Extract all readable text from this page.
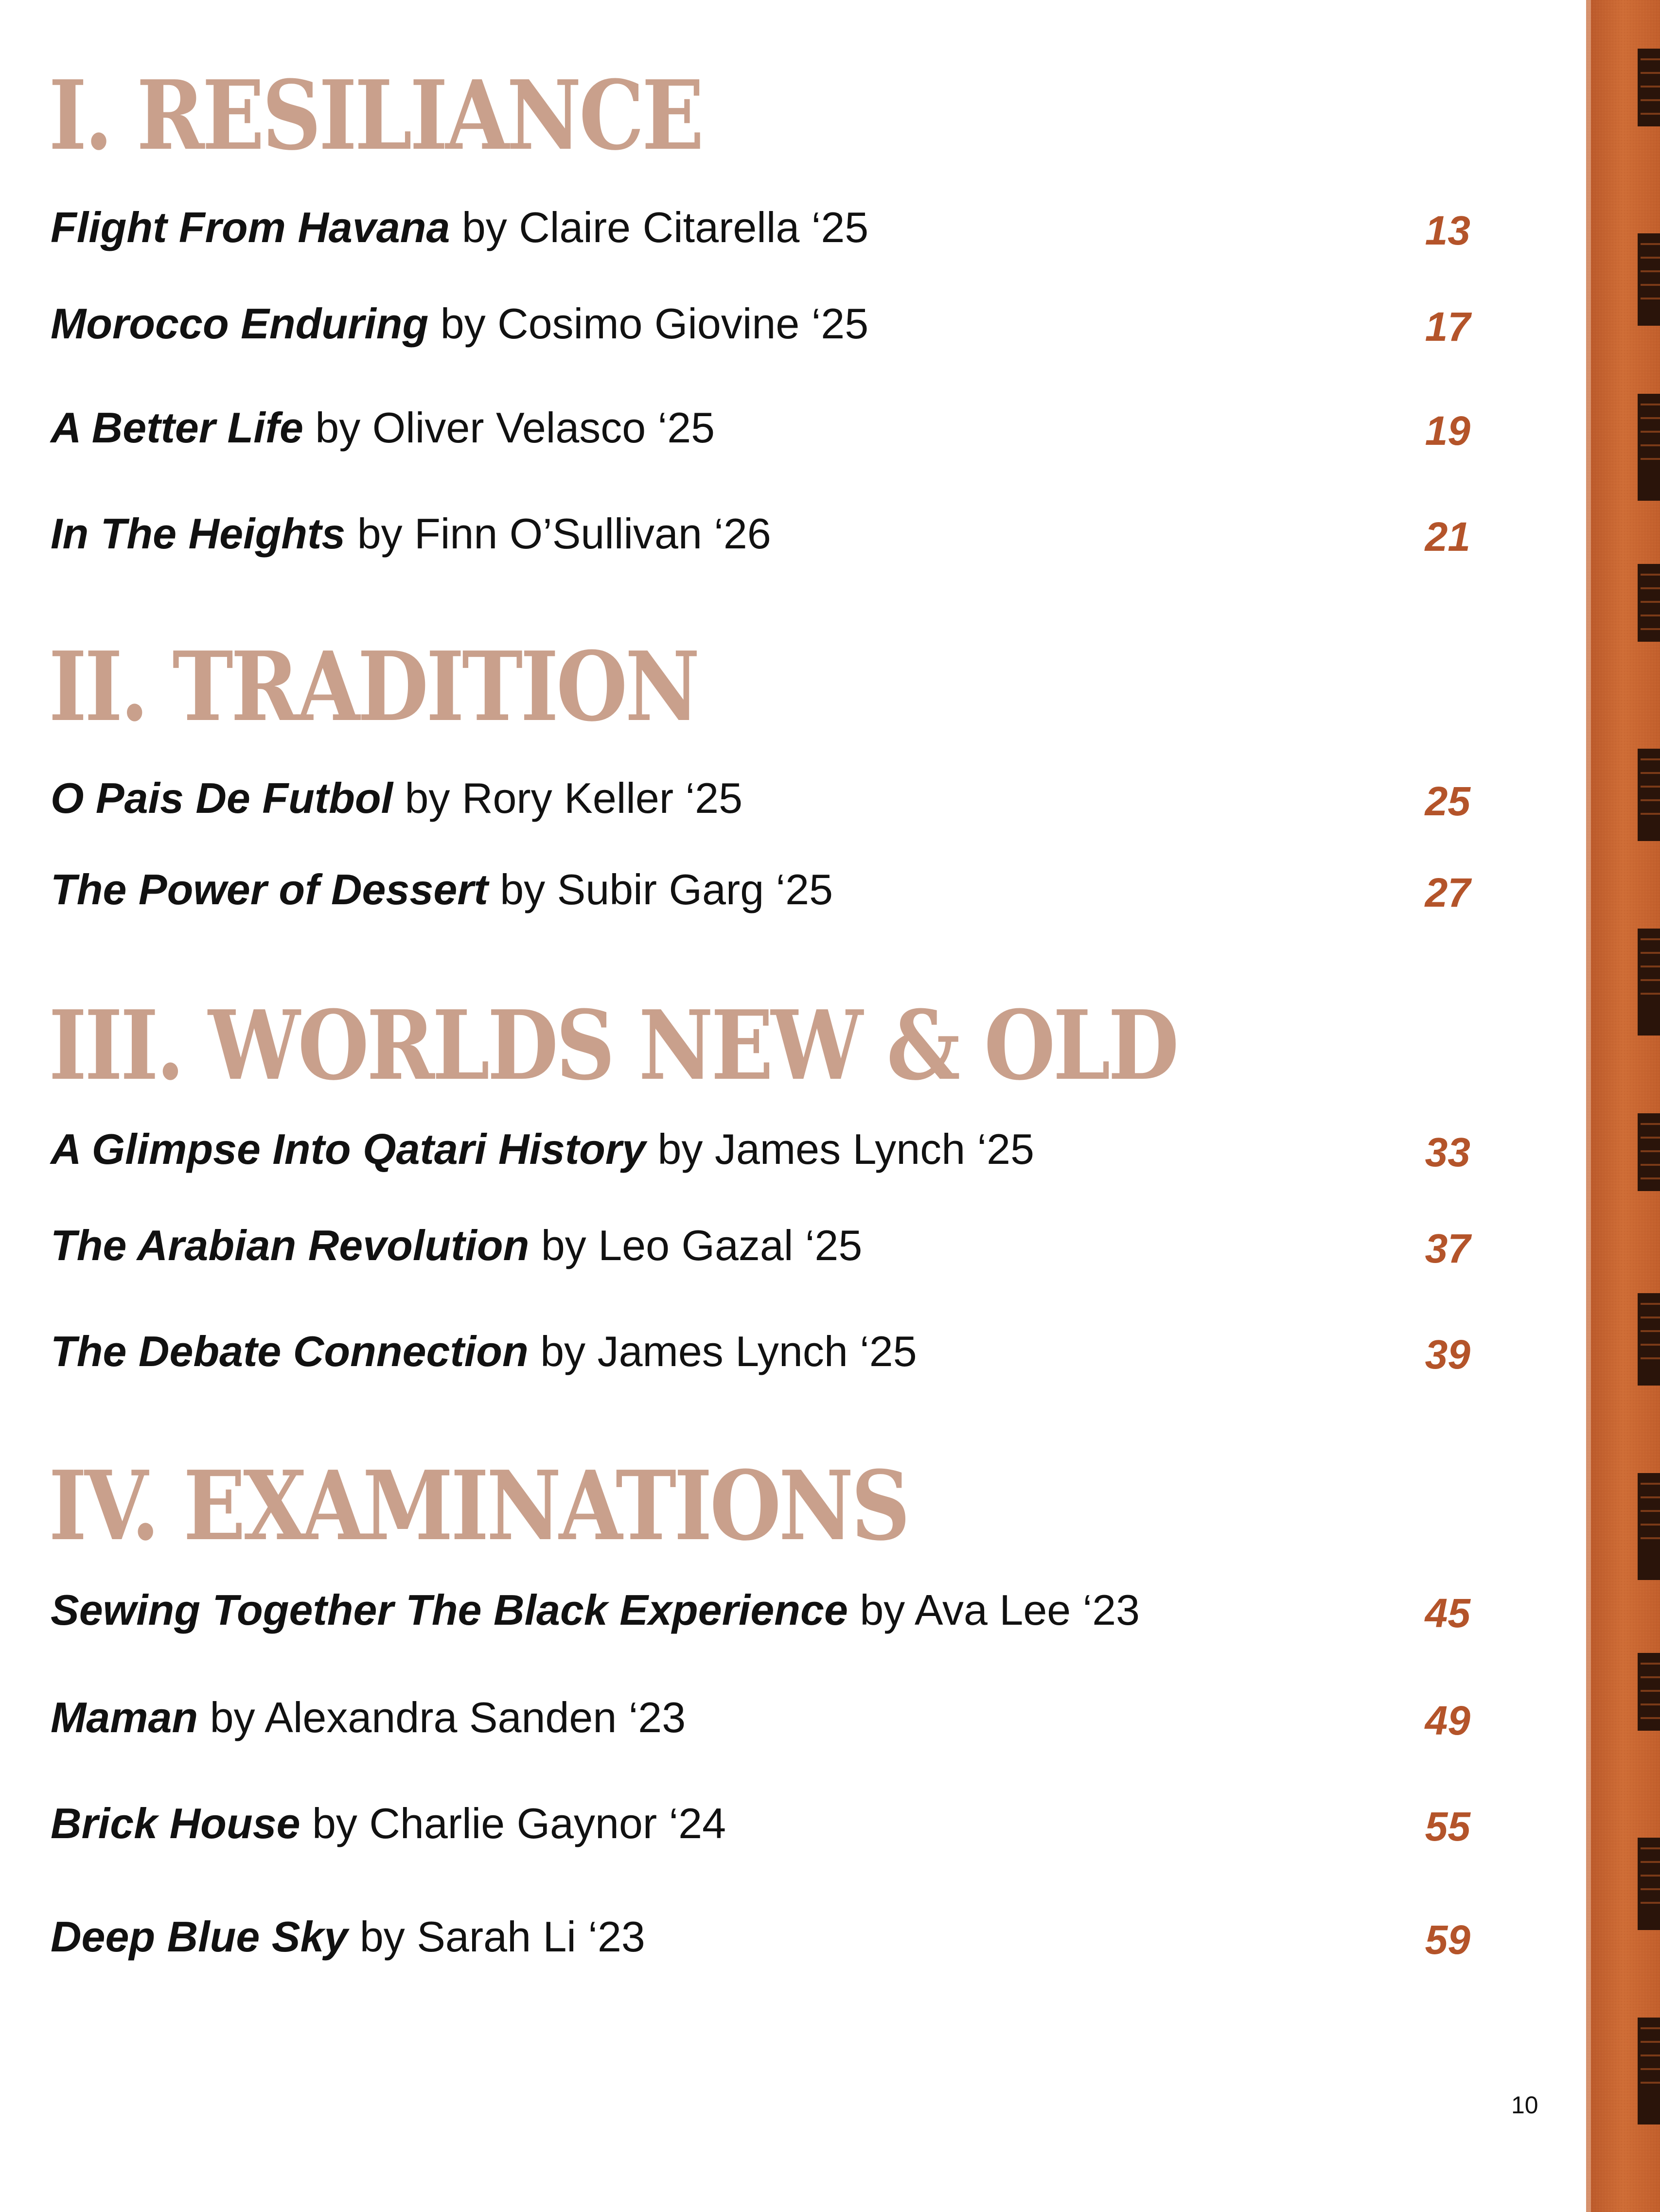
I. RESILIANCE
Flight From Havana by Claire Citarella ‘25	13
Morocco Enduring by Cosimo Giovine ‘25	17
A Better Life by Oliver Velasco ‘25	19
In The Heights by Finn O’Sullivan ‘26	21
II. TRADITION
O Pais De Futbol by Rory Keller ‘25	25
The Power of Dessert by Subir Garg ‘25	27
III. WORLDS NEW & OLD
A Glimpse Into Qatari History by James Lynch ‘25	33
The Arabian Revolution by Leo Gazal ‘25	37
The Debate Connection by James Lynch ‘25	39
IV. EXAMINATIONS
Sewing Together The Black Experience by Ava Lee ‘23	45
Maman by Alexandra Sanden ‘23	49
Brick House by Charlie Gaynor ‘24	55
Deep Blue Sky by Sarah Li ‘23	59
10
